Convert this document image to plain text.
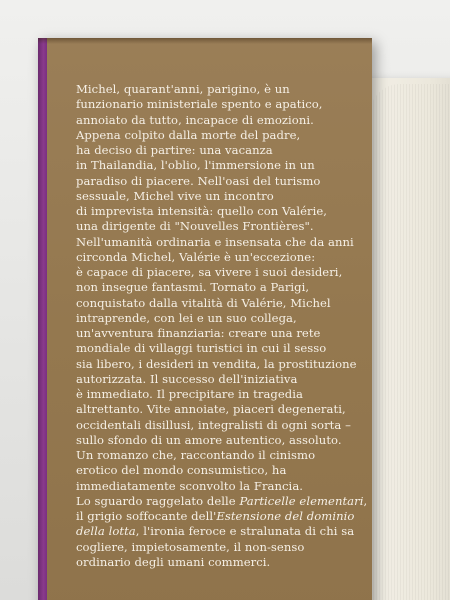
Michel, quarant'anni, parigino, è un
funzionario ministeriale spento e apatico,
annoiato da tutto, incapace di emozioni.
Appena colpito dalla morte del padre,
ha deciso di partire: una vacanza
in Thailandia, l'oblio, l'immersione in un
paradiso di piacere. Nell'oasi del turismo
sessuale, Michel vive un incontro
di imprevista intensità: quello con Valérie,
una dirigente di "Nouvelles Frontières".
Nell'umanità ordinaria e insensata che da anni
circonda Michel, Valérie è un'eccezione:
è capace di piacere, sa vivere i suoi desideri,
non insegue fantasmi. Tornato a Parigi,
conquistato dalla vitalità di Valérie, Michel
intraprende, con lei e un suo collega,
un'avventura finanziaria: creare una rete
mondiale di villaggi turistici in cui il sesso
sia libero, i desideri in vendita, la prostituzione
autorizzata. Il successo dell'iniziativa
è immediato. Il precipitare in tragedia
altrettanto. Vite annoiate, piaceri degenerati,
occidentali disillusi, integralisti di ogni sorta –
sullo sfondo di un amore autentico, assoluto.
Un romanzo che, raccontando il cinismo
erotico del mondo consumistico, ha
immediatamente sconvolto la Francia.
Lo sguardo raggelato delle Particelle elementari,
il grigio soffocante dell'Estensione del dominio
della lotta, l'ironia feroce e stralunata di chi sa
cogliere, impietosamente, il non-senso
ordinario degli umani commerci.
